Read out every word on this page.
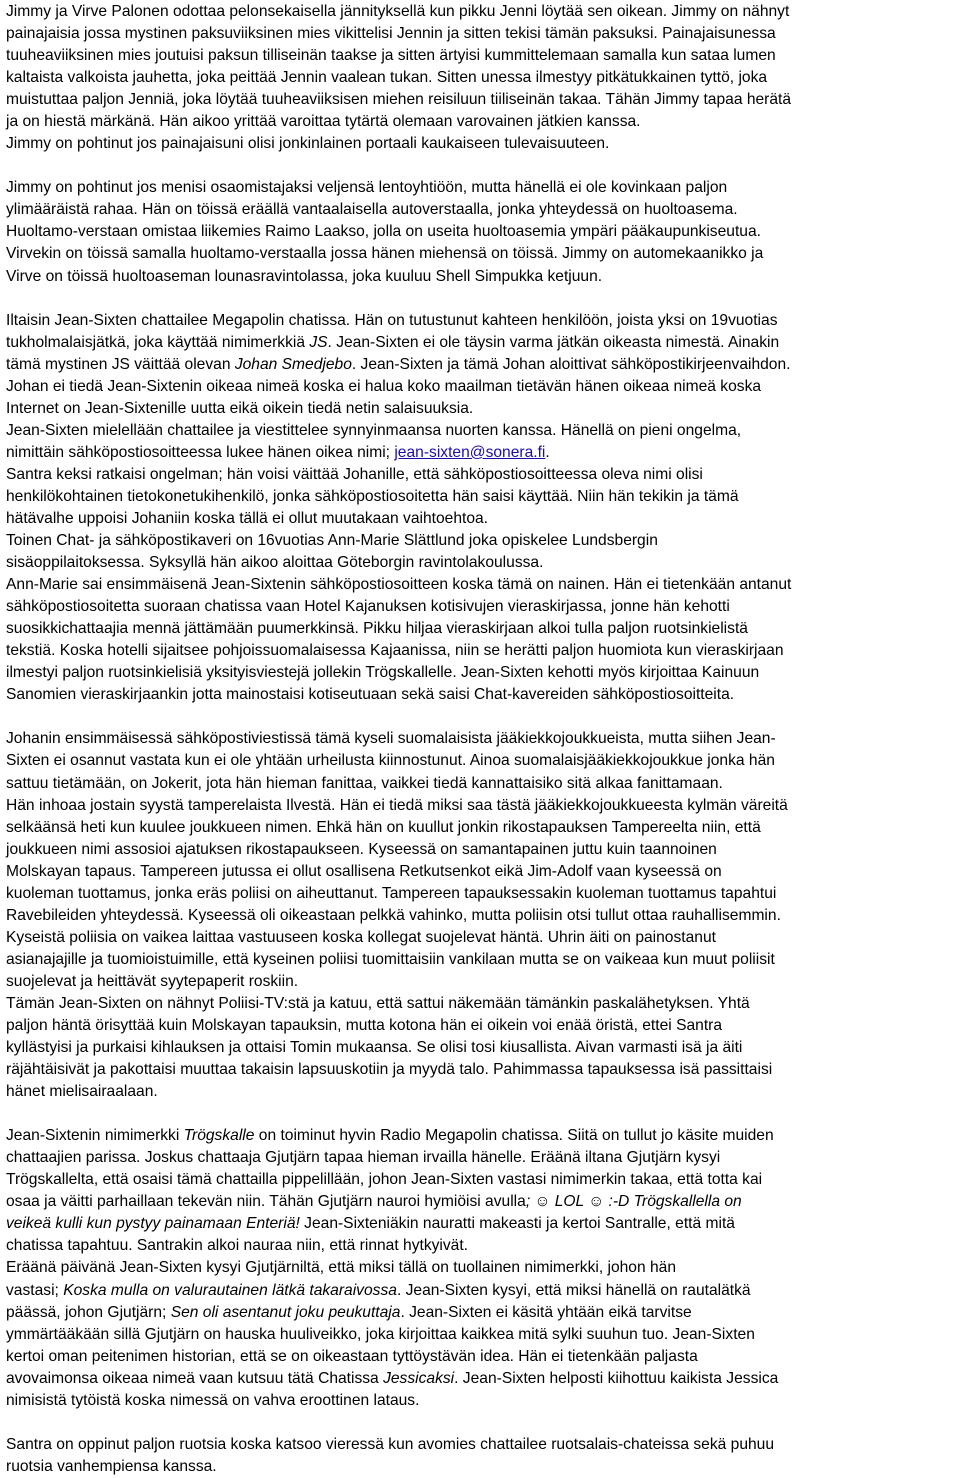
Jimmy ja Virve Palonen odottaa pelonsekaisella jännityksellä kun pikku Jenni löytää sen oikean. Jimmy on nähnyt
painajaisia jossa mystinen paksuviiksinen mies vikittelisi Jennin ja sitten tekisi tämän paksuksi. Painajaisunessa
tuuheaviiksinen mies joutuisi paksun tilliseinän taakse ja sitten ärtyisi kummittelemaan samalla kun sataa lumen
kaltaista valkoista jauhetta, joka peittää Jennin vaalean tukan. Sitten unessa ilmestyy pitkätukkainen tyttö, joka
muistuttaa paljon Jenniä, joka löytää tuuheaviiksisen miehen reisiluun tiiliseinän takaa. Tähän Jimmy tapaa herätä
ja on hiestä märkänä. Hän aikoo yrittää varoittaa tytärtä olemaan varovainen jätkien kanssa.
Jimmy on pohtinut jos painajaisuni olisi jonkinlainen portaali kaukaiseen tulevaisuuteen.
Jimmy on pohtinut jos menisi osaomistajaksi veljensä lentoyhtiöön, mutta hänellä ei ole kovinkaan paljon
ylimääräistä rahaa. Hän on töissä eräällä vantaalaisella autoverstaalla, jonka yhteydessä on huoltoasema.
Huoltamo-verstaan omistaa liikemies Raimo Laakso, jolla on useita huoltoasemia ympäri pääkaupunkiseutua.
Virvekin on töissä samalla huoltamo-verstaalla jossa hänen miehensä on töissä. Jimmy on automekaanikko ja
Virve on töissä huoltoaseman lounasravintolassa, joka kuuluu Shell Simpukka ketjuun.
Iltaisin Jean-Sixten chattailee Megapolin chatissa. Hän on tutustunut kahteen henkilöön, joista yksi on 19vuotias
tukholmalaisjätkä, joka käyttää nimimerkkiä JS. Jean-Sixten ei ole täysin varma jätkän oikeasta nimestä. Ainakin
tämä mystinen JS väittää olevan Johan Smedjebo. Jean-Sixten ja tämä Johan aloittivat sähköpostikirjeenvaihdon.
Johan ei tiedä Jean-Sixtenin oikeaa nimeä koska ei halua koko maailman tietävän hänen oikeaa nimeä koska
Internet on Jean-Sixtenille uutta eikä oikein tiedä netin salaisuuksia.
Jean-Sixten mielellään chattailee ja viestittelee synnyinmaansa nuorten kanssa. Hänellä on pieni ongelma,
nimittäin sähköpostiosoitteessa lukee hänen oikea nimi; jean-sixten@sonera.fi.
Santra keksi ratkaisi ongelman; hän voisi väittää Johanille, että sähköpostiosoitteessa oleva nimi olisi
henkilökohtainen tietokonetukihenkilö, jonka sähköpostiosoitetta hän saisi käyttää. Niin hän tekikin ja tämä
hätävalhe uppoisi Johaniin koska tällä ei ollut muutakaan vaihtoehtoa.
Toinen Chat- ja sähköpostikaveri on 16vuotias Ann-Marie Slättlund joka opiskelee Lundsbergin
sisäoppilaitoksessa. Syksyllä hän aikoo aloittaa Göteborgin ravintolakoulussa.
Ann-Marie sai ensimmäisenä Jean-Sixtenin sähköpostiosoitteen koska tämä on nainen. Hän ei tietenkään antanut
sähköpostiosoitetta suoraan chatissa vaan Hotel Kajanuksen kotisivujen vieraskirjassa, jonne hän kehotti
suosikkichattaajia mennä jättämään puumerkkinsä. Pikku hiljaa vieraskirjaan alkoi tulla paljon ruotsinkielistä
tekstiä. Koska hotelli sijaitsee pohjoissuomalaisessa Kajaanissa, niin se herätti paljon huomiota kun vieraskirjaan
ilmestyi paljon ruotsinkielisiä yksityisviestejä jollekin Trögskallelle. Jean-Sixten kehotti myös kirjoittaa Kainuun
Sanomien vieraskirjaankin jotta mainostaisi kotiseutuaan sekä saisi Chat-kavereiden sähköpostiosoitteita.
Johanin ensimmäisessä sähköpostiviestissä tämä kyseli suomalaisista jääkiekkojoukkueista, mutta siihen Jean-
Sixten ei osannut vastata kun ei ole yhtään urheilusta kiinnostunut. Ainoa suomalaisjääkiekkojoukkue jonka hän
sattuu tietämään, on Jokerit, jota hän hieman fanittaa, vaikkei tiedä kannattaisiko sitä alkaa fanittamaan.
Hän inhoaa jostain syystä tamperelaista Ilvestä. Hän ei tiedä miksi saa tästä jääkiekkojoukkueesta kylmän väreitä
selkäänsä heti kun kuulee joukkueen nimen. Ehkä hän on kuullut jonkin rikostapauksen Tampereelta niin, että
joukkueen nimi assosioi ajatuksen rikostapaukseen. Kyseessä on samantapainen juttu kuin taannoinen
Molskayan tapaus. Tampereen jutussa ei ollut osallisena Retkutsenkot eikä Jim-Adolf vaan kyseessä on
kuoleman tuottamus, jonka eräs poliisi on aiheuttanut. Tampereen tapauksessakin kuoleman tuottamus tapahtui
Ravebileiden yhteydessä. Kyseessä oli oikeastaan pelkkä vahinko, mutta poliisin otsi tullut ottaa rauhallisemmin.
Kyseistä poliisia on vaikea laittaa vastuuseen koska kollegat suojelevat häntä. Uhrin äiti on painostanut
asianajajille ja tuomioistuimille, että kyseinen poliisi tuomittaisiin vankilaan mutta se on vaikeaa kun muut poliisit
suojelevat ja heittävät syytepaperit roskiin.
Tämän Jean-Sixten on nähnyt Poliisi-TV:stä ja katuu, että sattui näkemään tämänkin paskalähetyksen. Yhtä
paljon häntä örisyttää kuin Molskayan tapauksin, mutta kotona hän ei oikein voi enää öristä, ettei Santra
kyllästyisi ja purkaisi kihlauksen ja ottaisi Tomin mukaansa. Se olisi tosi kiusallista. Aivan varmasti isä ja äiti
räjähtäisivät ja pakottaisi muuttaa takaisin lapsuuskotiin ja myydä talo. Pahimmassa tapauksessa isä passittaisi
hänet mielisairaalaan.
Jean-Sixtenin nimimerkki Trögskalle on toiminut hyvin Radio Megapolin chatissa. Siitä on tullut jo käsite muiden
chattaajien parissa. Joskus chattaaja Gjutjärn tapaa hieman irvailla hänelle. Eräänä iltana Gjutjärn kysyi
Trögskallelta, että osaisi tämä chattailla pippelillään, johon Jean-Sixten vastasi nimimerkin takaa, että totta kai
osaa ja väitti parhaillaan tekevän niin. Tähän Gjutjärn nauroi hymiöisi avulla; ☺ LOL ☺ :-D Trögskallella on
veikeä kulli kun pystyy painamaan Enteriä! Jean-Sixteniäkin nauratti makeasti ja kertoi Santralle, että mitä
chatissa tapahtuu. Santrakin alkoi nauraa niin, että rinnat hytkyivät.
Eräänä päivänä Jean-Sixten kysyi Gjutjärniltä, että miksi tällä on tuollainen nimimerkki, johon hän
vastasi; Koska mulla on valurautainen lätkä takaraivossa. Jean-Sixten kysyi, että miksi hänellä on rautalätkä
päässä, johon Gjutjärn; Sen oli asentanut joku peukuttaja. Jean-Sixten ei käsitä yhtään eikä tarvitse
ymmärtääkään sillä Gjutjärn on hauska huuliveikko, joka kirjoittaa kaikkea mitä sylki suuhun tuo. Jean-Sixten
kertoi oman peitenimen historian, että se on oikeastaan tyttöystävän idea. Hän ei tietenkään paljasta
avovaimonsa oikeaa nimeä vaan kutsuu tätä Chatissa Jessicaksi. Jean-Sixten helposti kiihottuu kaikista Jessica
nimisistä tytöistä koska nimessä on vahva eroottinen lataus.
Santra on oppinut paljon ruotsia koska katsoo vieressä kun avomies chattailee ruotsalais-chateissa sekä puhuu
ruotsia vanhempiensa kanssa.
